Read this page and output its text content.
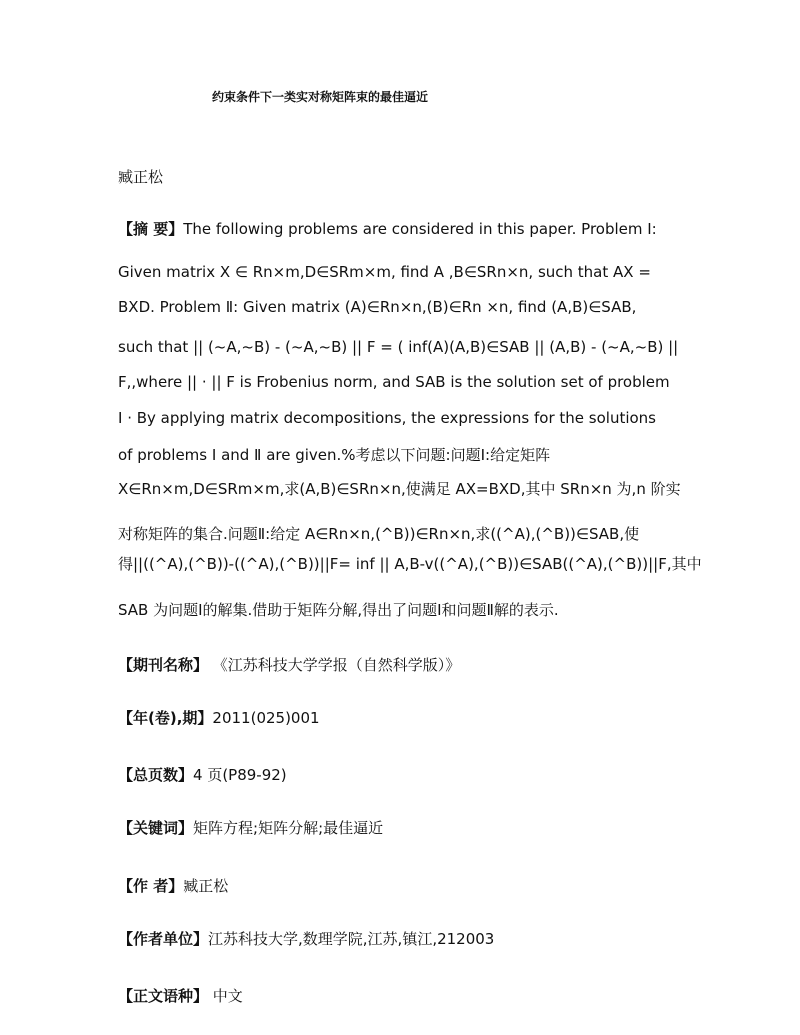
约束条件下一类实对称矩阵束的最佳逼近
臧正松
【摘 要】The following problems are considered in this paper. Problem Ⅰ:
Given matrix X ∈ Rn×m,D∈SRm×m, find A ,B∈SRn×n, such that AX =
BXD. Problem Ⅱ: Given matrix (A)∈Rn×n,(B)∈Rn ×n, find (A,B)∈SAB,
such that || (~A,~B) - (~A,~B) || F = ( inf(A)(A,B)∈SAB || (A,B) - (~A,~B) ||
F,,where || · || F is Frobenius norm, and SAB is the solution set of problem
Ⅰ · By applying matrix decompositions, the expressions for the solutions
of problems Ⅰ and Ⅱ are given.%考虑以下问题:问题Ⅰ:给定矩阵
X∈Rn×m,D∈SRm×m,求(A,B)∈SRn×n,使满足 AX=BXD,其中 SRn×n 为,n 阶实
对称矩阵的集合.问题Ⅱ:给定 A∈Rn×n,(^B))∈Rn×n,求((^A),(^B))∈SAB,使
得||((^A),(^B))-((^A),(^B))||F= inf || A,B-v((^A),(^B))∈SAB((^A),(^B))||F,其中
SAB 为问题Ⅰ的解集.借助于矩阵分解,得出了问题Ⅰ和问题Ⅱ解的表示.
【期刊名称】 《江苏科技大学学报（自然科学版）》
【年(卷),期】2011(025)001
【总页数】4 页(P89-92)
【关键词】矩阵方程;矩阵分解;最佳逼近
【作 者】臧正松
【作者单位】江苏科技大学,数理学院,江苏,镇江,212003
【正文语种】 中文
